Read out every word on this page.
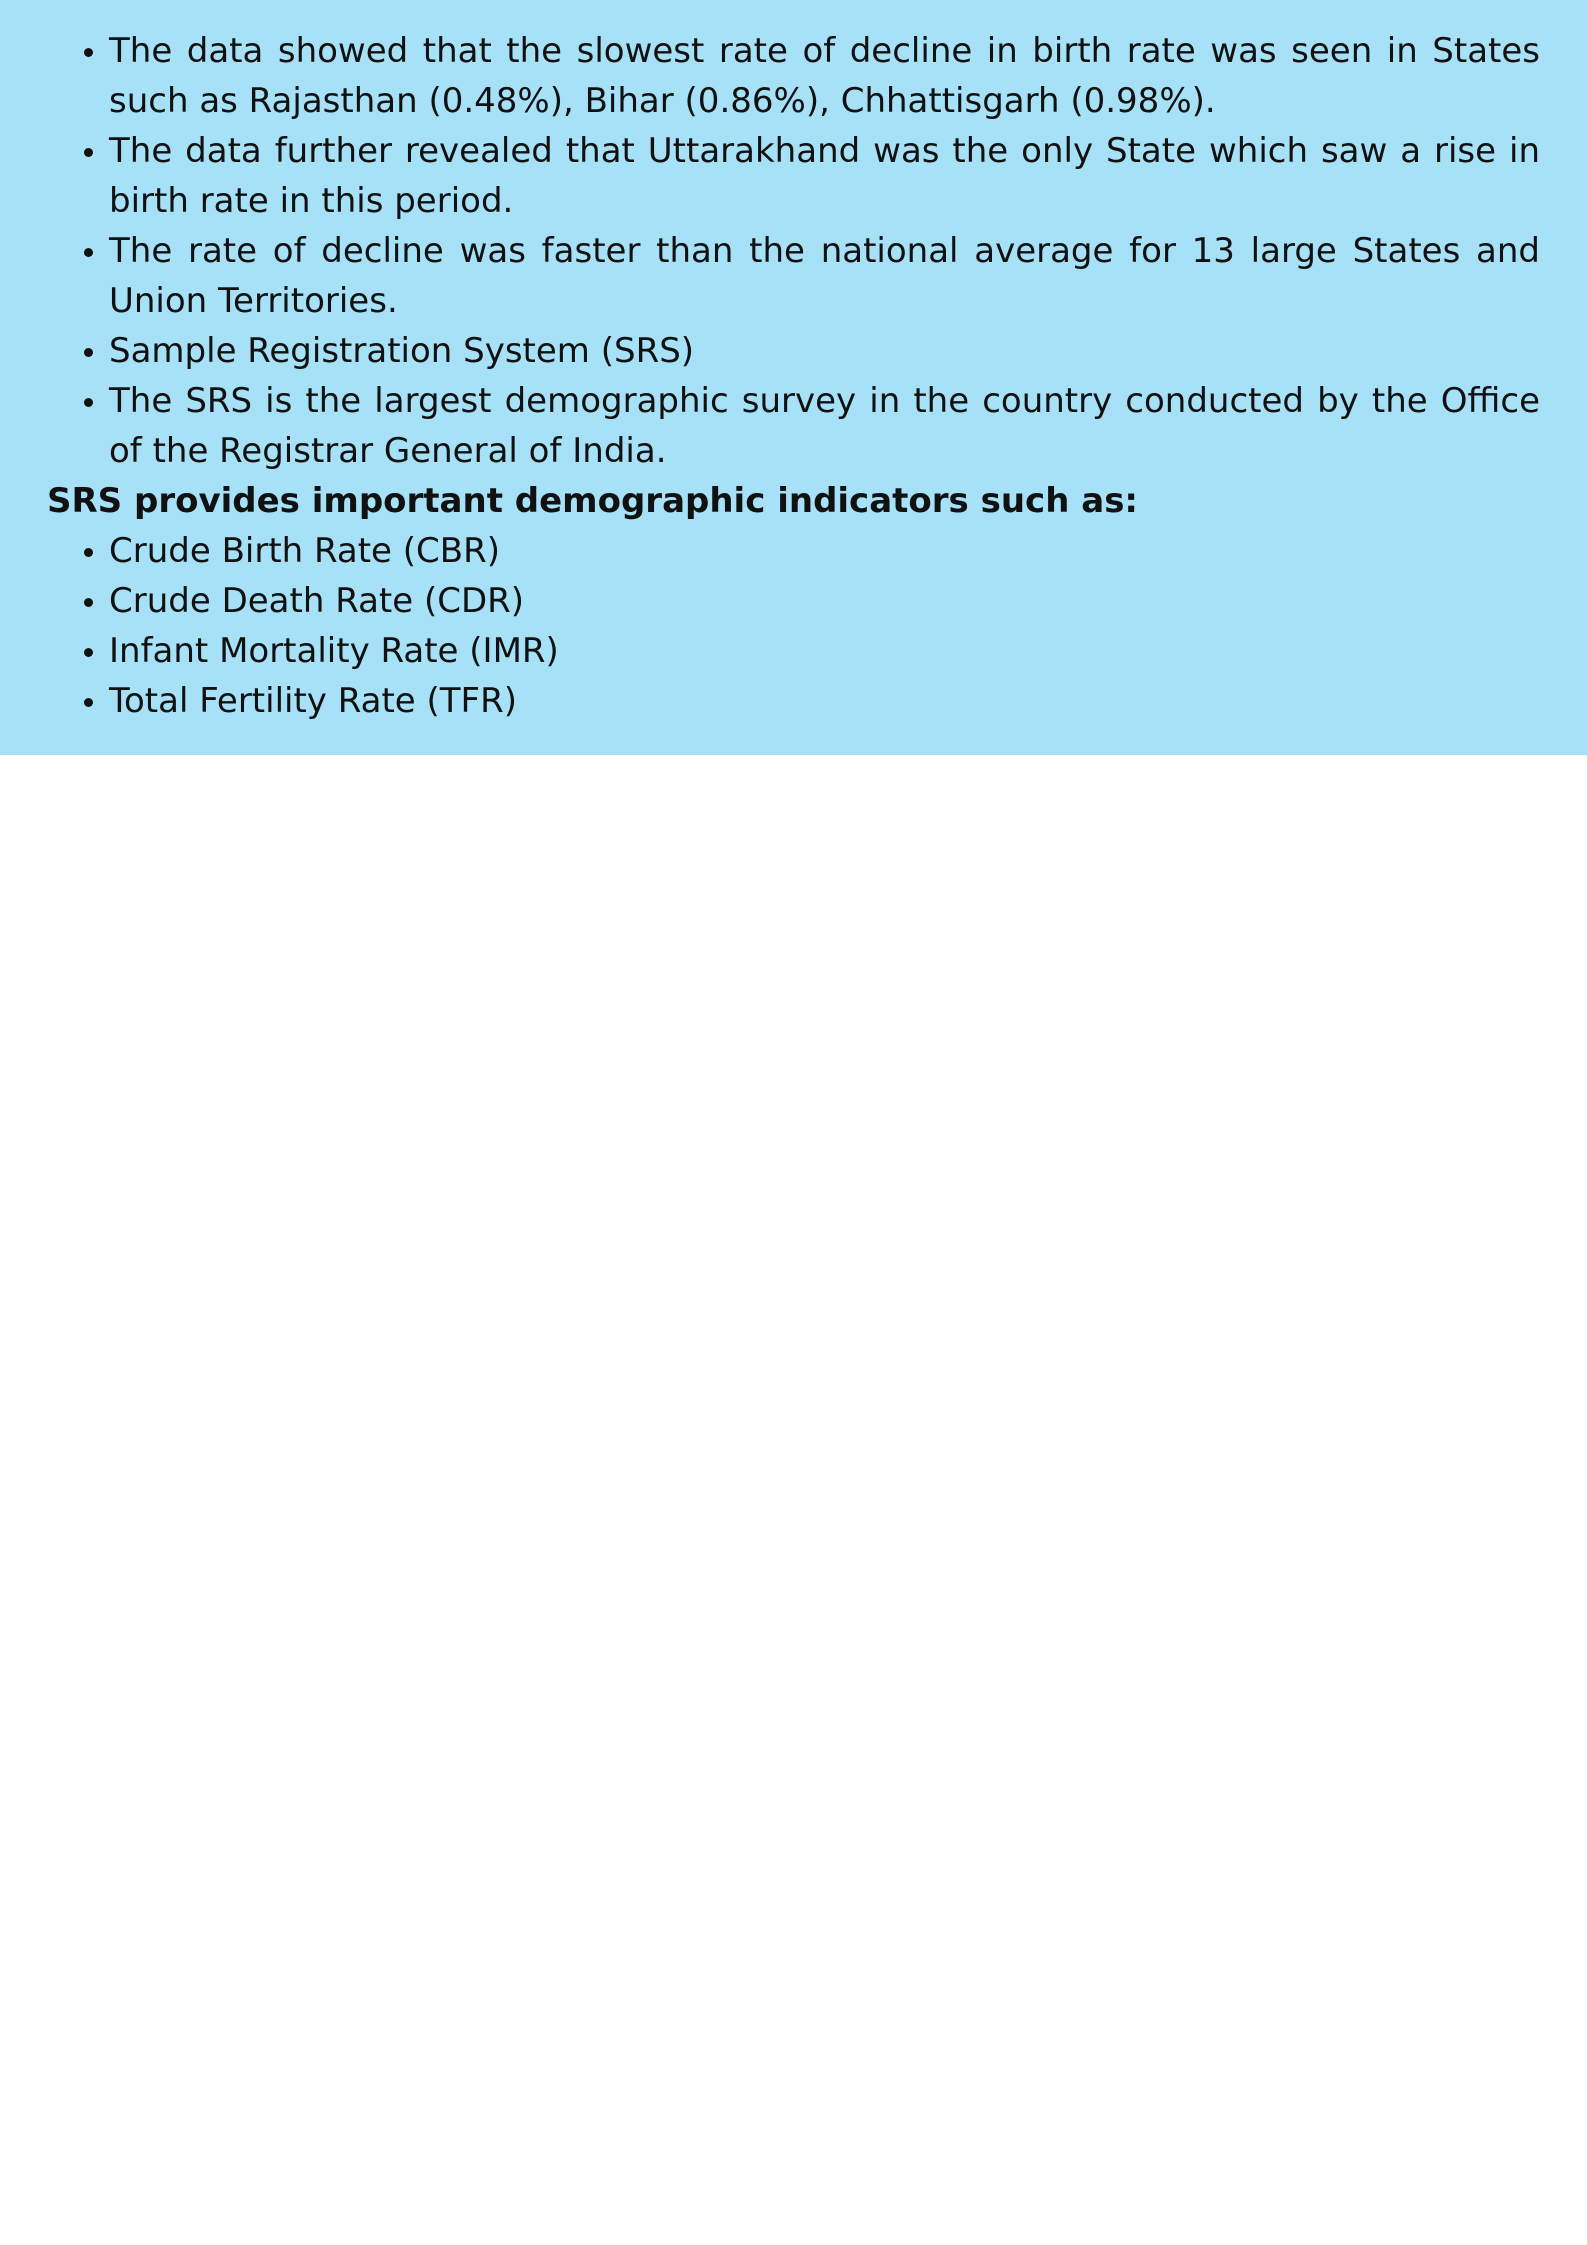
• The data showed that the slowest rate of decline in birth rate was seen in States such as Rajasthan (0.48%), Bihar (0.86%), Chhattisgarh (0.98%).
• The data further revealed that Uttarakhand was the only State which saw a rise in birth rate in this period.
• The rate of decline was faster than the national average for 13 large States and Union Territories.
• Sample Registration System (SRS)
• The SRS is the largest demographic survey in the country conducted by the Office of the Registrar General of India.

SRS provides important demographic indicators such as:

• Crude Birth Rate (CBR)
• Crude Death Rate (CDR)
• Infant Mortality Rate (IMR)
• Total Fertility Rate (TFR)
